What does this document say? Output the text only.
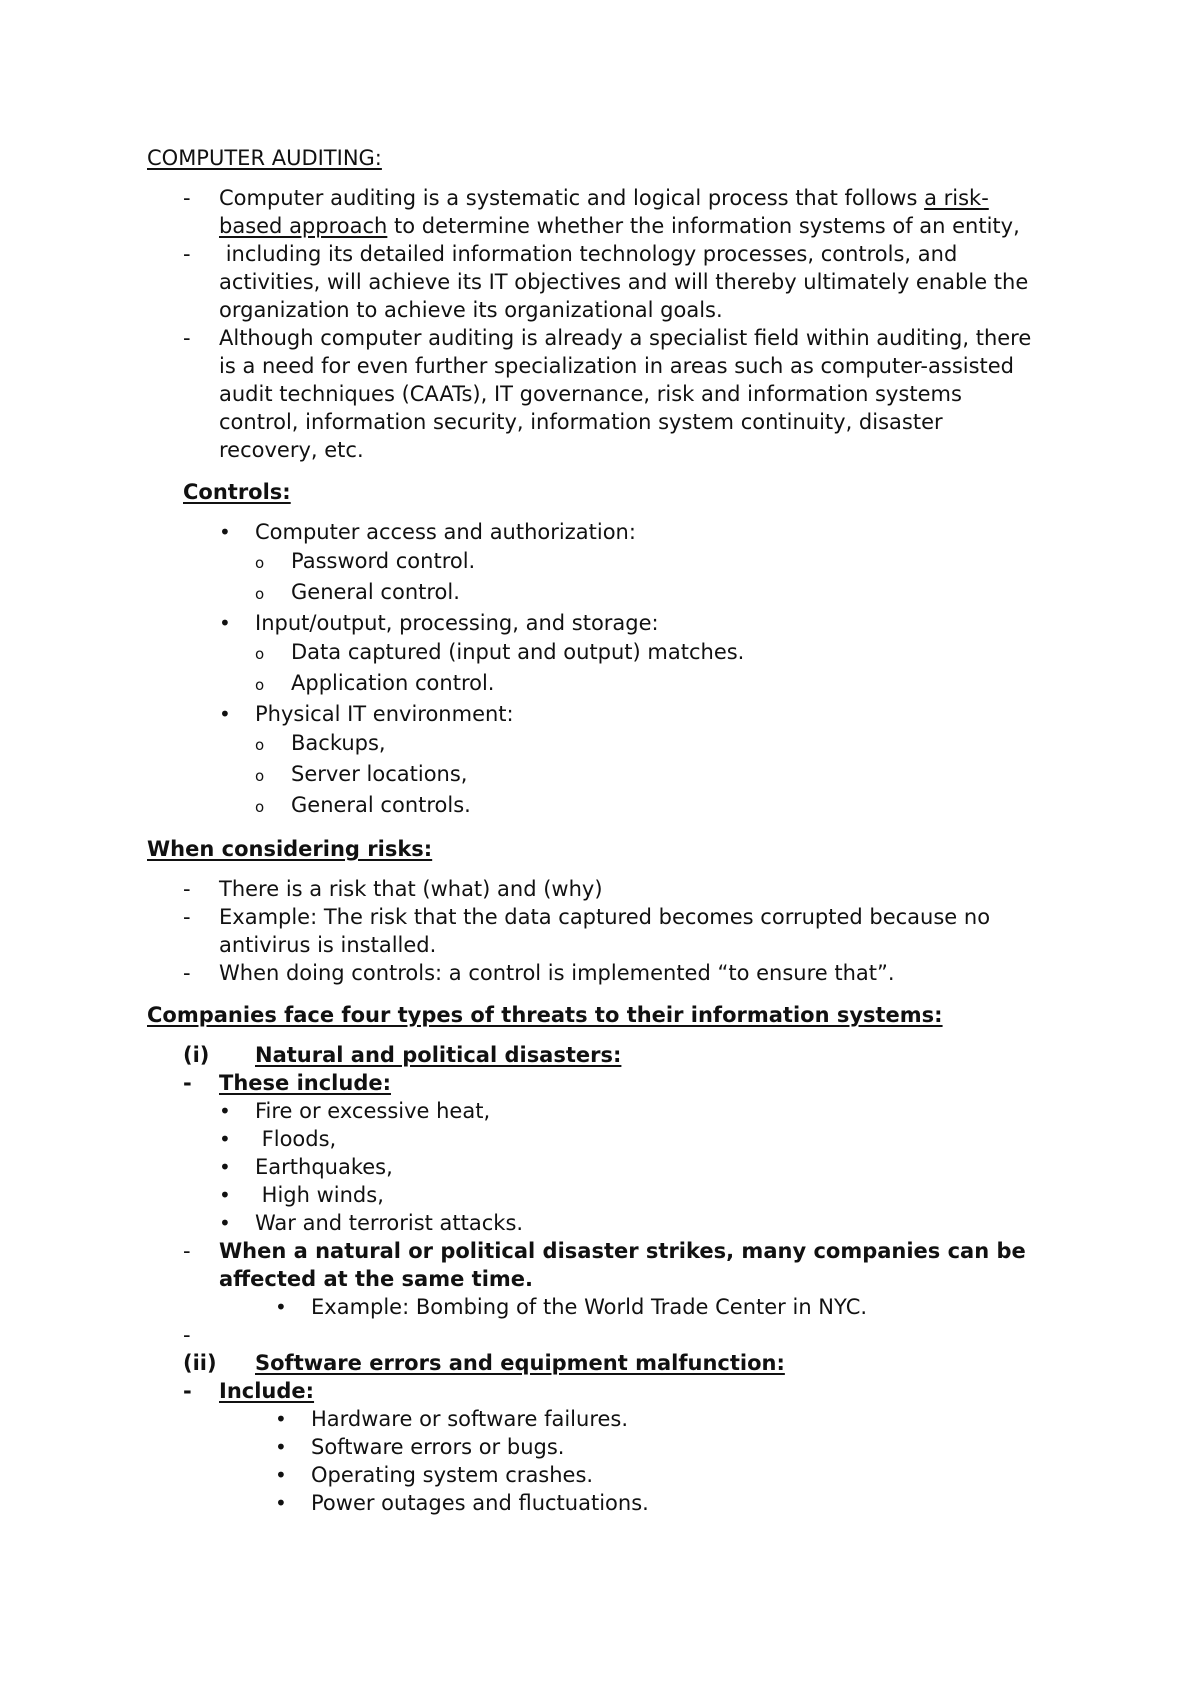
COMPUTER AUDITING:
-	Computer auditing is a systematic and logical process that follows a risk-based approach to determine whether the information systems of an entity,
-	including its detailed information technology processes, controls, and activities, will achieve its IT objectives and will thereby ultimately enable the organization to achieve its organizational goals.
-	Although computer auditing is already a specialist field within auditing, there is a need for even further specialization in areas such as computer-assisted audit techniques (CAATs), IT governance, risk and information systems control, information security, information system continuity, disaster recovery, etc.
Controls:
•	Computer access and authorization:
o	Password control.
o	General control.
•	Input/output, processing, and storage:
o	Data captured (input and output) matches.
o	Application control.
•	Physical IT environment:
o	Backups,
o	Server locations,
o	General controls.
When considering risks:
-	There is a risk that (what) and (why)
-	Example: The risk that the data captured becomes corrupted because no antivirus is installed.
-	When doing controls: a control is implemented “to ensure that”.
Companies face four types of threats to their information systems:
(i)	Natural and political disasters:
-	These include:
•	Fire or excessive heat,
•	Floods,
•	Earthquakes,
•	High winds,
•	War and terrorist attacks.
-	When a natural or political disaster strikes, many companies can be affected at the same time.
•	Example: Bombing of the World Trade Center in NYC.
-
(ii)	Software errors and equipment malfunction:
-	Include:
•	Hardware or software failures.
•	Software errors or bugs.
•	Operating system crashes.
•	Power outages and fluctuations.
